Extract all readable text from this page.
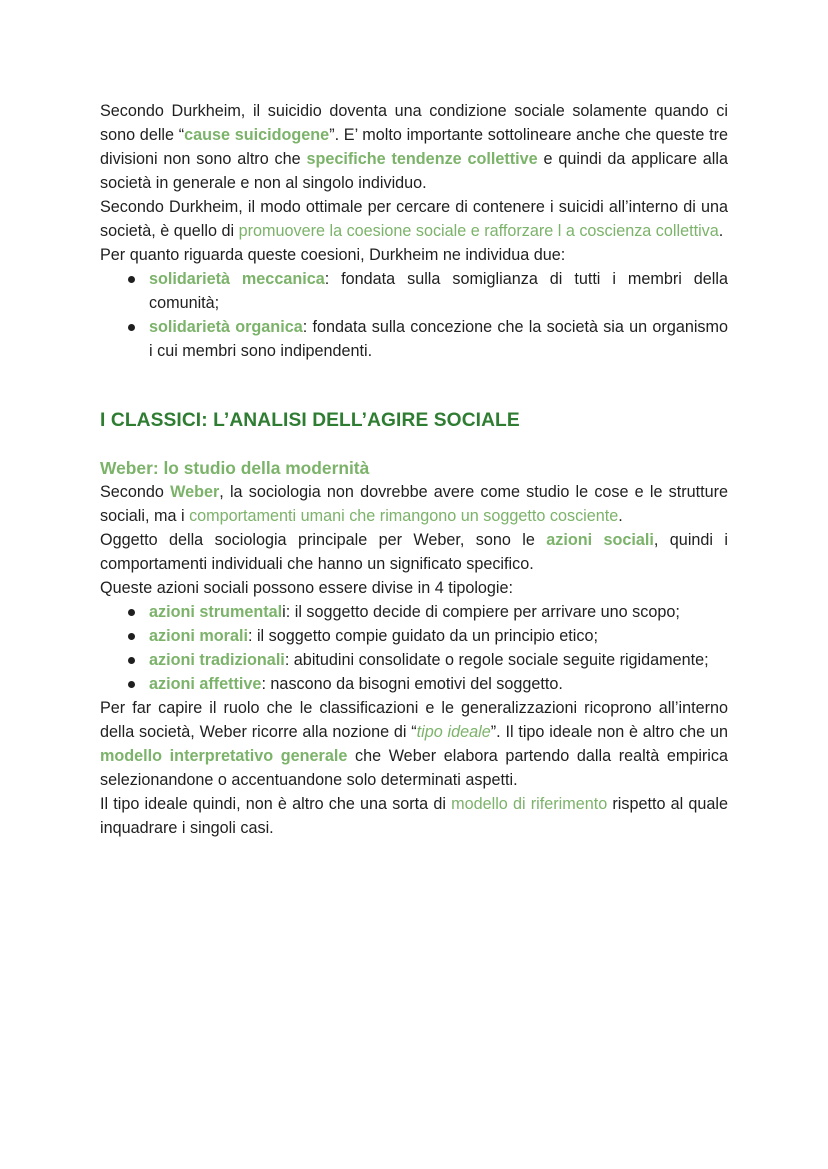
Secondo Durkheim, il suicidio doventa una condizione sociale solamente quando ci sono delle “cause suicidogene”. E’ molto importante sottolineare anche che queste tre divisioni non sono altro che specifiche tendenze collettive e quindi da applicare alla società in generale e non al singolo individuo.

Secondo Durkheim, il modo ottimale per cercare di contenere i suicidi all’interno di una società, è quello di promuovere la coesione sociale e rafforzare l a coscienza collettiva.

Per quanto riguarda queste coesioni, Durkheim ne individua due:

solidarietà meccanica: fondata sulla somiglianza di tutti i membri della comunità;
solidarietà organica: fondata sulla concezione che la società sia un organismo i cui membri sono indipendenti.
I CLASSICI: L’ANALISI DELL’AGIRE SOCIALE
Weber: lo studio della modernità

Secondo Weber, la sociologia non dovrebbe avere come studio le cose e le strutture sociali, ma i comportamenti umani che rimangono un soggetto cosciente.

Oggetto della sociologia principale per Weber, sono le azioni sociali, quindi i comportamenti individuali che hanno un significato specifico.

Queste azioni sociali possono essere divise in 4 tipologie:

azioni strumentali: il soggetto decide di compiere per arrivare uno scopo;
azioni morali: il soggetto compie guidato da un principio etico;
azioni tradizionali: abitudini consolidate o regole sociale seguite rigidamente;
azioni affettive: nascono da bisogni emotivi del soggetto.

Per far capire il ruolo che le classificazioni e le generalizzazioni ricoprono all’interno della società, Weber ricorre alla nozione di “tipo ideale”. Il tipo ideale non è altro che un modello interpretativo generale che Weber elabora partendo dalla realtà empirica selezionandone o accentuandone solo determinati aspetti.

Il tipo ideale quindi, non è altro che una sorta di modello di riferimento rispetto al quale inquadrare i singoli casi.
